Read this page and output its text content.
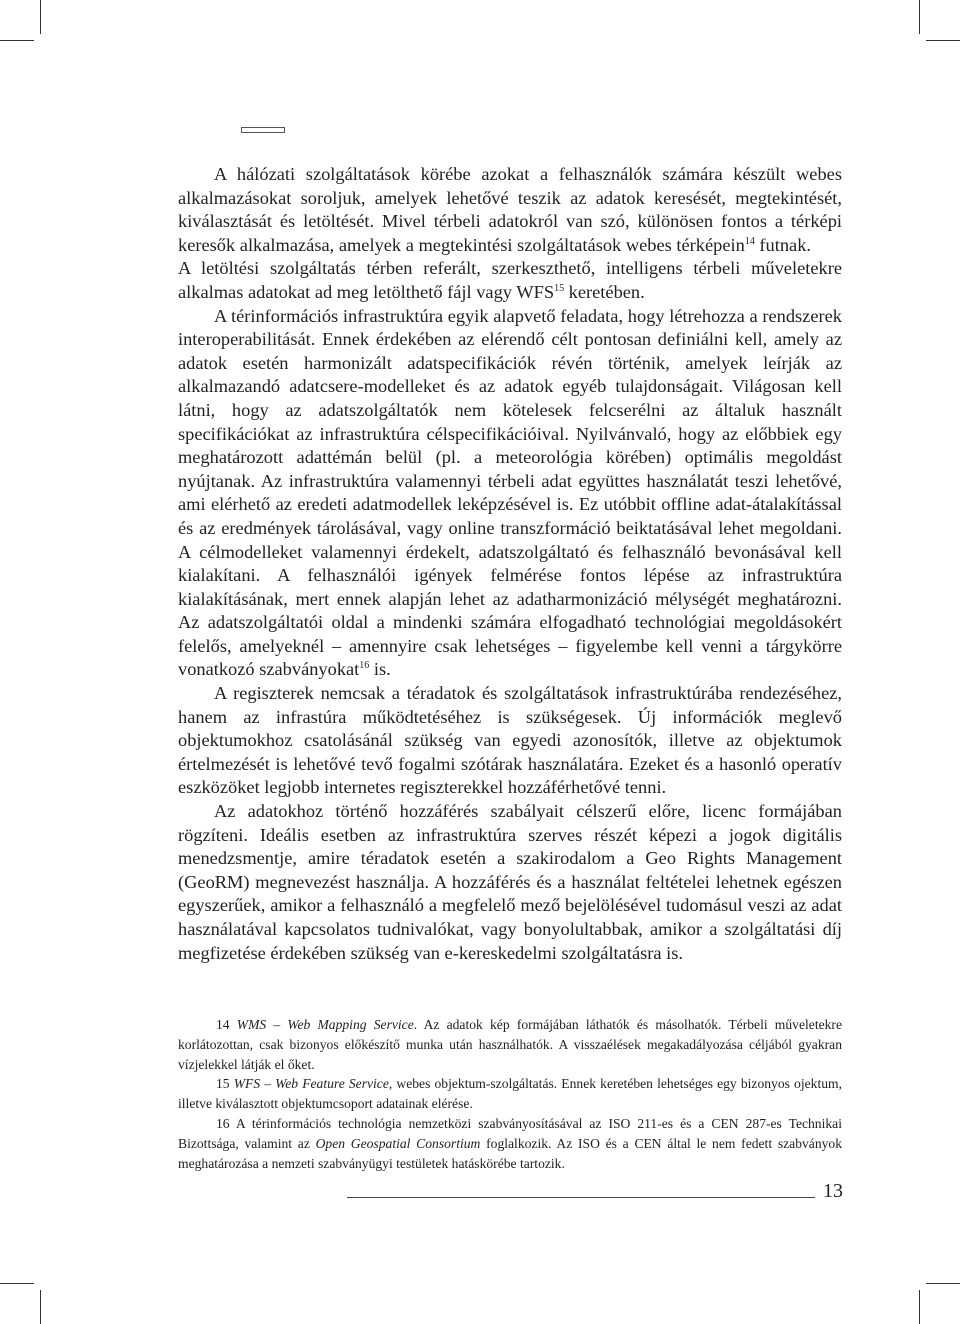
A hálózati szolgáltatások körébe azokat a felhasználók számára készült webes alkalmazásokat soroljuk, amelyek lehetővé teszik az adatok keresését, megtekintését, kiválasztását és letöltését. Mivel térbeli adatokról van szó, különösen fontos a térképi keresők alkalmazása, amelyek a megtekintési szolgáltatások webes térképein$^{14}$ futnak.

A letöltési szolgáltatás térben referált, szerkeszthető, intelligens térbeli műveletekre alkalmas adatokat ad meg letölthető fájl vagy WFS$^{15}$ keretében.

A térinformációs infrastruktúra egyik alapvető feladata, hogy létrehozza a rendszerek interoperabilitását. Ennek érdekében az elérendő célt pontosan definiálni kell, amely az adatok esetén harmonizált adatspecifikációk révén történik, amelyek leírják az alkalmazandó adatcsere-modelleket és az adatok egyéb tulajdonságait. Világosan kell látni, hogy az adatszolgáltatók nem kötelesek felcserélni az általuk használt specifikációkat az infrastruktúra célspecifikációival. Nyilvánvaló, hogy az előbbiek egy meghatározott adattémán belül (pl. a meteorológia körében) optimális megoldást nyújtanak. Az infrastruktúra valamennyi térbeli adat együttes használatát teszi lehetővé, ami elérhető az eredeti adatmodellek leképzésével is. Ez utóbbit offline adat-átalakítással és az eredmények tárolásával, vagy online transzformáció beiktatásával lehet megoldani. A célmodelleket valamennyi érdekelt, adatszolgáltató és felhasználó bevonásával kell kialakítani. A felhasználói igények felmérése fontos lépése az infrastruktúra kialakításának, mert ennek alapján lehet az adatharmonizáció mélységét meghatározni. Az adatszolgáltatói oldal a mindenki számára elfogadható technológiai megoldásokért felelős, amelyeknél – amennyire csak lehetséges – figyelembe kell venni a tárgykörre vonatkozó szabványokat$^{16}$ is.

A regiszterek nemcsak a téradatok és szolgáltatások infrastruktúrába rendezéséhez, hanem az infrastúra működtetéséhez is szükségesek. Új információk meglevő objektumokhoz csatolásánál szükség van egyedi azonosítók, illetve az objektumok értelmezését is lehetővé tevő fogalmi szótárak használatára. Ezeket és a hasonló operatív eszközöket legjobb internetes regiszterekkel hozzáférhetővé tenni.

Az adatokhoz történő hozzáférés szabályait célszerű előre, licenc formájában rögzíteni. Ideális esetben az infrastruktúra szerves részét képezi a jogok digitális menedzsmentje, amire téradatok esetén a szakirodalom a Geo Rights Management (GeoRM) megnevezést használja. A hozzáférés és a használat feltételei lehetnek egészen egyszerűek, amikor a felhasználó a megfelelő mező bejelölésével tudomásul veszi az adat használatával kapcsolatos tudnivalókat, vagy bonyolultabbak, amikor a szolgáltatási díj megfizetése érdekében szükség van e-kereskedelmi szolgáltatásra is.

14 WMS – Web Mapping Service. Az adatok kép formájában láthatók és másolhatók. Térbeli műveletekre korlátozottan, csak bizonyos előkészítő munka után használhatók. A visszaélések megakadályozása céljából gyakran vízjelekkel látják el őket.

15 WFS – Web Feature Service, webes objektum-szolgáltatás. Ennek keretében lehetséges egy bizonyos ojektum, illetve kiválasztott objektumcsoport adatainak elérése.

16 A térinformációs technológia nemzetközi szabványosításával az ISO 211-es és a CEN 287-es Technikai Bizottsága, valamint az Open Geospatial Consortium foglalkozik. Az ISO és a CEN által le nem fedett szabványok meghatározása a nemzeti szabványügyi testületek hatáskörébe tartozik.

13
